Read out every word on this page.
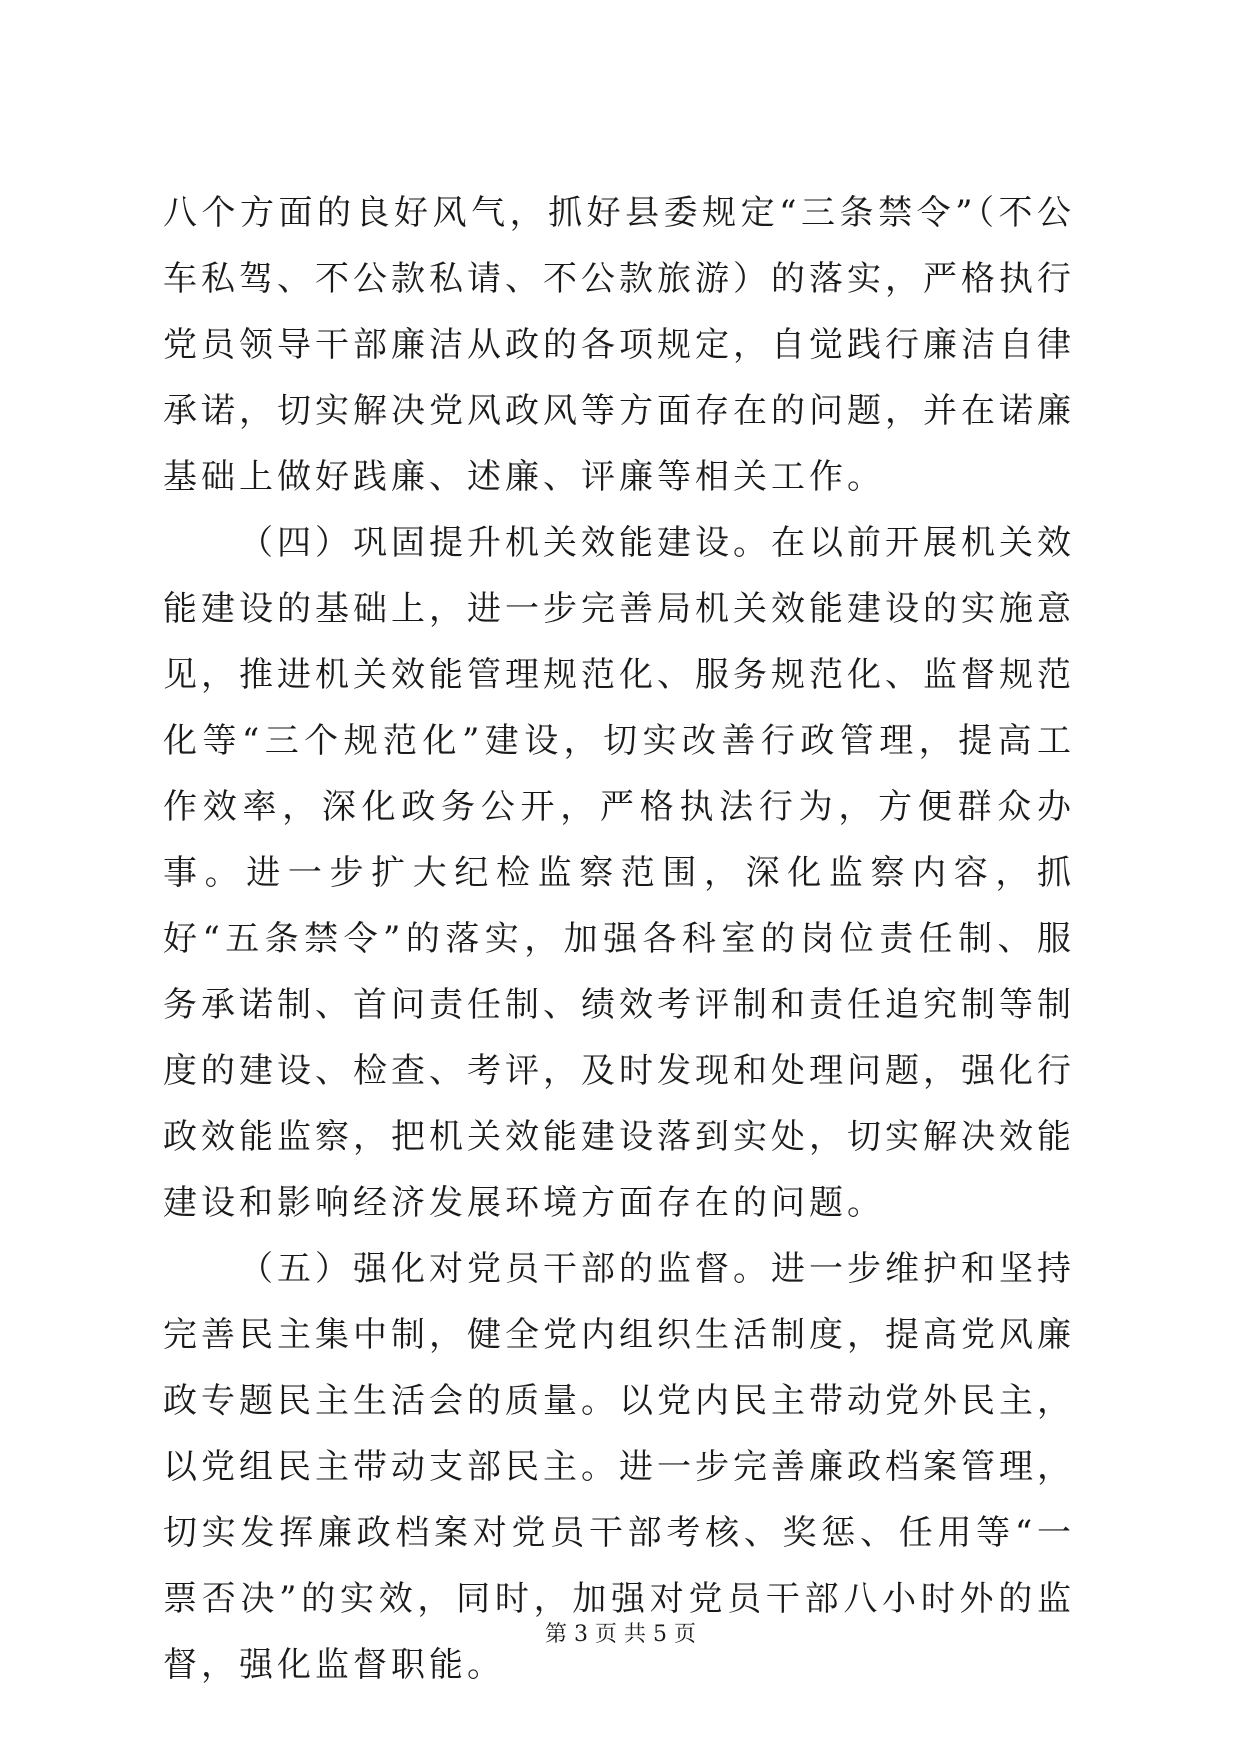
八个方面的良好风气，抓好县委规定“三条禁令”（不公车私驾、不公款私请、不公款旅游）的落实，严格执行党员领导干部廉洁从政的各项规定，自觉践行廉洁自律承诺，切实解决党风政风等方面存在的问题，并在诺廉基础上做好践廉、述廉、评廉等相关工作。

（四）巩固提升机关效能建设。在以前开展机关效能建设的基础上，进一步完善局机关效能建设的实施意见，推进机关效能管理规范化、服务规范化、监督规范化等“三个规范化”建设，切实改善行政管理，提高工作效率，深化政务公开，严格执法行为，方便群众办事。进一步扩大纪检监察范围，深化监察内容，抓好“五条禁令”的落实，加强各科室的岗位责任制、服务承诺制、首问责任制、绩效考评制和责任追究制等制度的建设、检查、考评，及时发现和处理问题，强化行政效能监察，把机关效能建设落到实处，切实解决效能建设和影响经济发展环境方面存在的问题。

（五）强化对党员干部的监督。进一步维护和坚持完善民主集中制，健全党内组织生活制度，提高党风廉政专题民主生活会的质量。以党内民主带动党外民主，以党组民主带动支部民主。进一步完善廉政档案管理，切实发挥廉政档案对党员干部考核、奖惩、任用等“一票否决”的实效，同时，加强对党员干部八小时外的监督，强化监督职能。

第 3 页 共 5 页
